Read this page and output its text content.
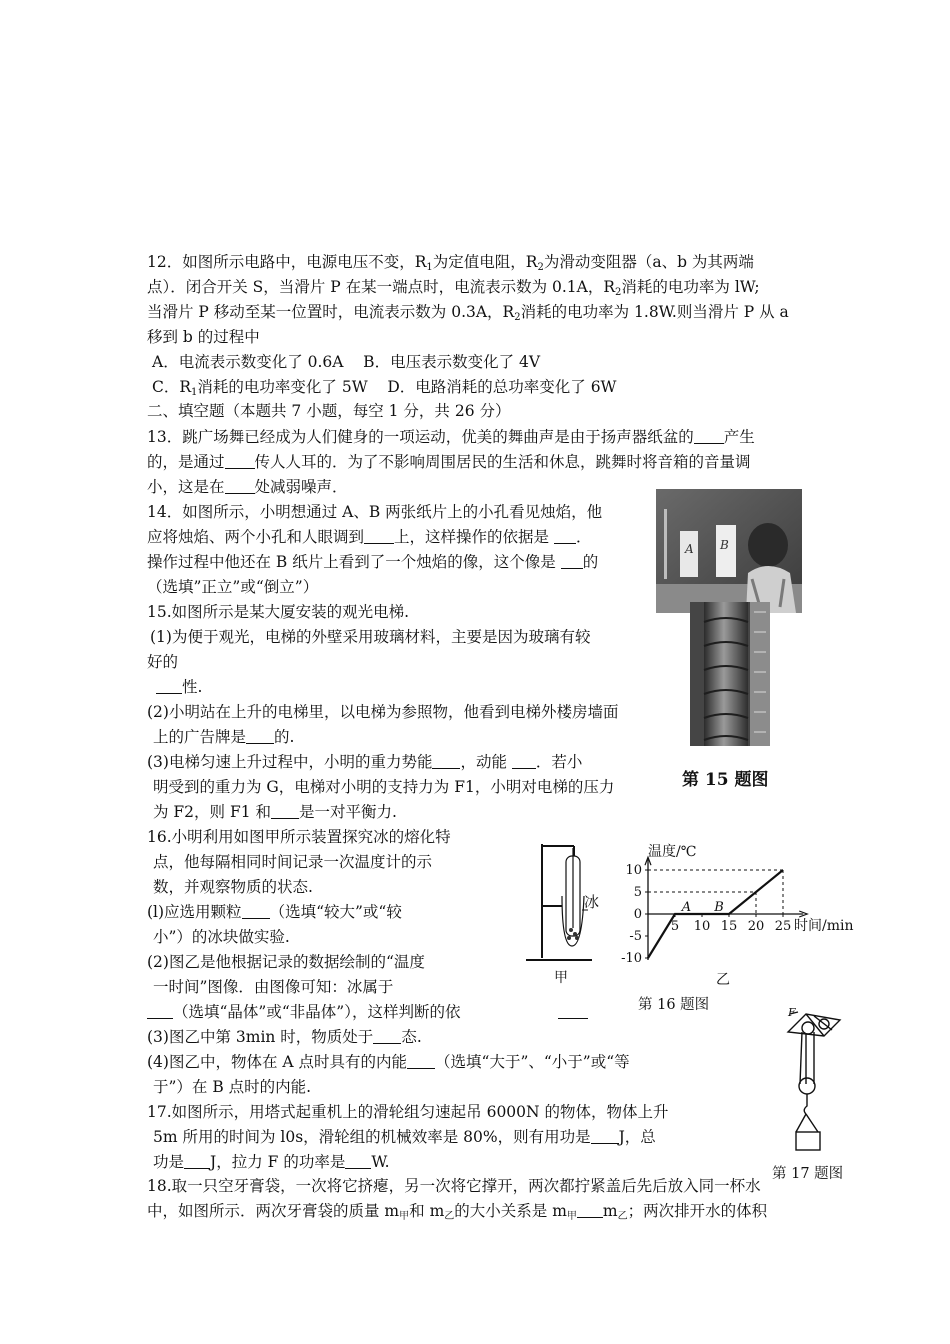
12．如图所示电路中，电源电压不变，$R_1$为定值电阻，$R_2$为滑动变阻器（a、b 为其两端
点）．闭合开关 S，当滑片 P 在某一端点时，电流表示数为 0.1A，$R_2$消耗的电功率为 lW;
当滑片 P 移动至某一位置时，电流表示数为 0.3A，$R_2$消耗的电功率为 1.8W.则当滑片 P 从 a
移到 b 的过程中
A．电流表示数变化了 0.6A    B．电压表示数变化了 4V
C．$R_1$消耗的电功率变化了 5W    D．电路消耗的总功率变化了 6W
二、填空题（本题共 7 小题，每空 1 分，共 26 分）
13．跳广场舞已经成为人们健身的一项运动，优美的舞曲声是由于扬声器纸盆的 产生
的，是通过 传人人耳的．为了不影响周围居民的生活和休息，跳舞时将音箱的音量调
小，这是在 处减弱噪声．
14．如图所示，小明想通过 A、B 两张纸片上的小孔看见烛焰，他
应将烛焰、两个小孔和人眼调到 上，这样操作的依据是 ．
操作过程中他还在 B 纸片上看到了一个烛焰的像，这个像是 的
（选填”正立”或“倒立”）
A B
15.如图所示是某大厦安装的观光电梯.
(1)为便于观光，电梯的外壁采用玻璃材料，主要是因为玻璃有较
好的
性.
(2)小明站在上升的电梯里，以电梯为参照物，他看到电梯外楼房墙面
上的广告牌是 的.
(3)电梯匀速上升过程中，小明的重力势能 ，动能 ．若小
明受到的重力为 G，电梯对小明的支持力为 F1，小明对电梯的压力
为 F2，则 F1 和 是一对平衡力.
第 15 题图
16.小明利用如图甲所示装置探究冰的熔化特
点，他每隔相同时间记录一次温度计的示
数，并观察物质的状态.
(l)应选用颗粒 （选填“较大”或“较
小”）的冰块做实验.
(2)图乙是他根据记录的数据绘制的“温度
一时间”图像．由图像可知：冰属于
（选填“晶体”或“非晶体”），这样判断的依
(3)图乙中第 3min 时，物质处于 态.
(4)图乙中，物体在 A 点时具有的内能 （选填“大于”、“小于”或“等
于”）在 B 点时的内能.
冰
甲
温度/℃
时间/min
乙
10
5
0
-5
-10
5 10 15 20 25
A B
第 16 题图
17.如图所示，用塔式起重机上的滑轮组匀速起吊 6000N 的物体，物体上升
5m 所用的时间为 l0s，滑轮组的机械效率是 80%，则有用功是 J，总
功是 J，拉力 F 的功率是 W.
F
第 17 题图
18.取一只空牙膏袋，一次将它挤瘪，另一次将它撑开，两次都拧紧盖后先后放入同一杯水
中，如图所示．两次牙膏袋的质量 $m_甲$和 $m_乙$的大小关系是 $m_甲$ $m_乙$；两次排开水的体积
